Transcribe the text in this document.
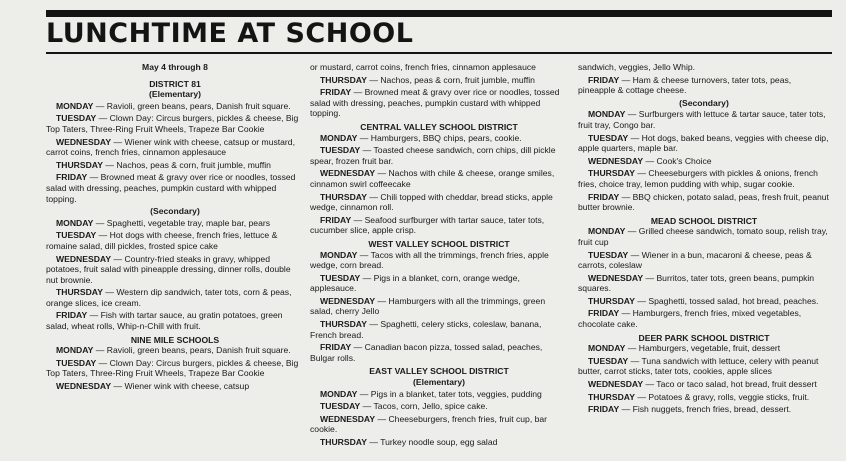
LUNCHTIME AT SCHOOL

May 4 through 8

DISTRICT 81

(Elementary)

MONDAY — Ravioli, green beans, pears, Danish fruit square.

TUESDAY — Clown Day: Circus burgers, pickles & cheese, Big Top Taters, Three-Ring Fruit Wheels, Trapeze Bar Cookie

WEDNESDAY — Wiener wink with cheese, catsup or mustard, carrot coins, french fries, cinnamon applesauce

THURSDAY — Nachos, peas & corn, fruit jumble, muffin

FRIDAY — Browned meat & gravy over rice or noodles, tossed salad with dressing, peaches, pumpkin custard with whipped topping.

(Secondary)

MONDAY — Spaghetti, vegetable tray, maple bar, pears

TUESDAY — Hot dogs with cheese, french fries, lettuce & romaine salad, dill pickles, frosted spice cake

WEDNESDAY — Country-fried steaks in gravy, whipped potatoes, fruit salad with pineapple dressing, dinner rolls, double nut brownie.

THURSDAY — Western dip sandwich, tater tots, corn & peas, orange slices, ice cream.

FRIDAY — Fish with tartar sauce, au gratin potatoes, green salad, wheat rolls, Whip-n-Chill with fruit.

NINE MILE SCHOOLS

MONDAY — Ravioli, green beans, pears, Danish fruit square.

TUESDAY — Clown Day: Circus burgers, pickles & cheese, Big Top Taters, Three-Ring Fruit Wheels, Trapeze Bar Cookie

WEDNESDAY — Wiener wink with cheese, catsup

or mustard, carrot coins, french fries, cinnamon applesauce

THURSDAY — Nachos, peas & corn, fruit jumble, muffin

FRIDAY — Browned meat & gravy over rice or noodles, tossed salad with dressing, peaches, pumpkin custard with whipped topping.

CENTRAL VALLEY SCHOOL DISTRICT

MONDAY — Hamburgers, BBQ chips, pears, cookie.

TUESDAY — Toasted cheese sandwich, corn chips, dill pickle spear, frozen fruit bar.

WEDNESDAY — Nachos with chile & cheese, orange smiles, cinnamon swirl coffeecake

THURSDAY — Chili topped with cheddar, bread sticks, apple wedge, cinnamon roll.

FRIDAY — Seafood surfburger with tartar sauce, tater tots, cucumber slice, apple crisp.

WEST VALLEY SCHOOL DISTRICT

MONDAY — Tacos with all the trimmings, french fries, apple wedge, corn bread.

TUESDAY — Pigs in a blanket, corn, orange wedge, applesauce.

WEDNESDAY — Hamburgers with all the trimmings, green salad, cherry Jello

THURSDAY — Spaghetti, celery sticks, coleslaw, banana, French bread.

FRIDAY — Canadian bacon pizza, tossed salad, peaches, Bulgar rolls.

EAST VALLEY SCHOOL DISTRICT

(Elementary)

MONDAY — Pigs in a blanket, tater tots, veggies, pudding

TUESDAY — Tacos, corn, Jello, spice cake.

WEDNESDAY — Cheeseburgers, french fries, fruit cup, bar cookie.

THURSDAY — Turkey noodle soup, egg salad

sandwich, veggies, Jello Whip.

FRIDAY — Ham & cheese turnovers, tater tots, peas, pineapple & cottage cheese.

(Secondary)

MONDAY — Surfburgers with lettuce & tartar sauce, tater tots, fruit tray, Congo bar.

TUESDAY — Hot dogs, baked beans, veggies with cheese dip, apple quarters, maple bar.

WEDNESDAY — Cook's Choice

THURSDAY — Cheeseburgers with pickles & onions, french fries, choice tray, lemon pudding with whip, sugar cookie.

FRIDAY — BBQ chicken, potato salad, peas, fresh fruit, peanut butter brownie.

MEAD SCHOOL DISTRICT

MONDAY — Grilled cheese sandwich, tomato soup, relish tray, fruit cup

TUESDAY — Wiener in a bun, macaroni & cheese, peas & carrots, coleslaw

WEDNESDAY — Burritos, tater tots, green beans, pumpkin squares.

THURSDAY — Spaghetti, tossed salad, hot bread, peaches.

FRIDAY — Hamburgers, french fries, mixed vegetables, chocolate cake.

DEER PARK SCHOOL DISTRICT

MONDAY — Hamburgers, vegetable, fruit, dessert

TUESDAY — Tuna sandwich with lettuce, celery with peanut butter, carrot sticks, tater tots, cookies, apple slices

WEDNESDAY — Taco or taco salad, hot bread, fruit dessert

THURSDAY — Potatoes & gravy, rolls, veggie sticks, fruit.

FRIDAY — Fish nuggets, french fries, bread, dessert.
